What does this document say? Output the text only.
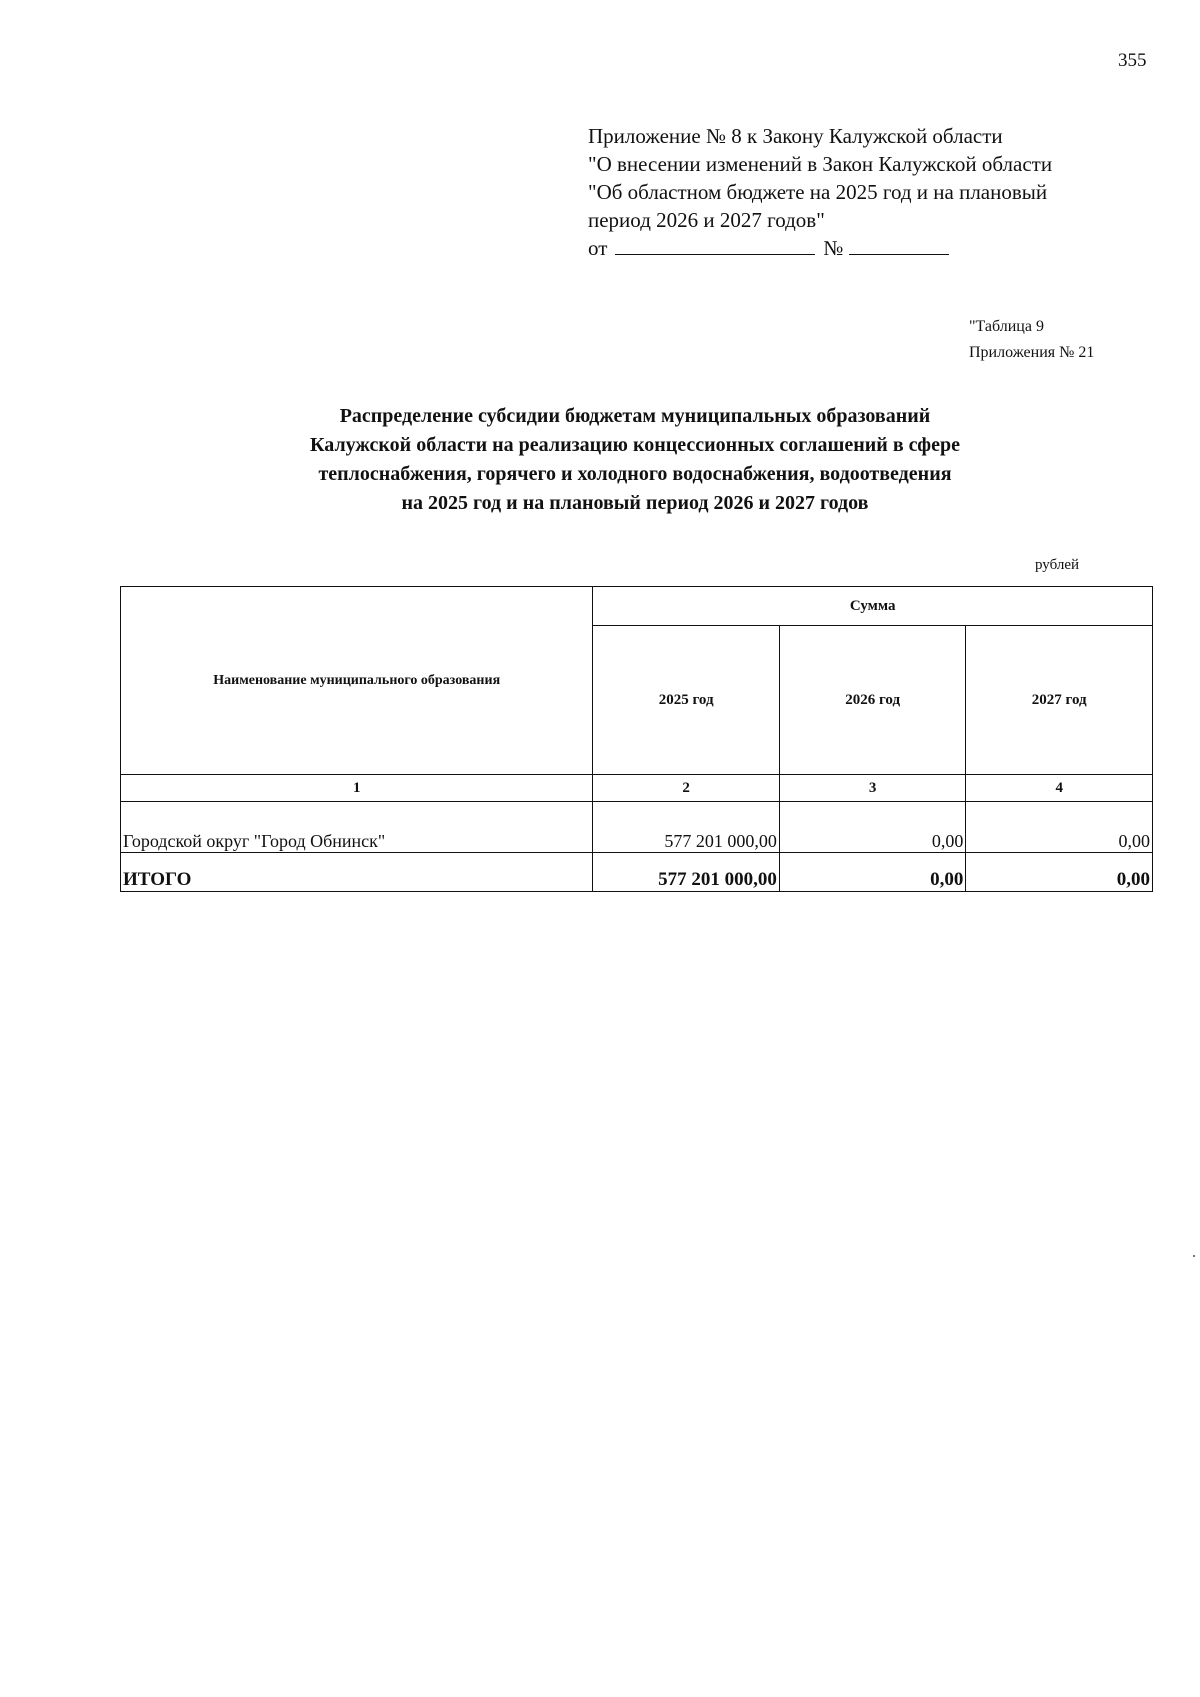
355
Приложение № 8 к Закону Калужской области
"О внесении изменений в Закон Калужской области
"Об областном бюджете на 2025 год и на плановый
период 2026 и 2027 годов"
от	№
"Таблица 9
Приложения № 21
Распределение субсидии бюджетам муниципальных образований
Калужской области на реализацию концессионных соглашений в сфере
теплоснабжения, горячего и холодного водоснабжения, водоотведения
на 2025 год и на плановый период 2026 и 2027 годов
рублей
Наименование муниципального образования	Сумма		
	2025 год	2026 год	2027 год
1	2	3	4
Городской округ "Город Обнинск"	577 201 000,00	0,00	0,00
ИТОГО	577 201 000,00	0,00	0,00
